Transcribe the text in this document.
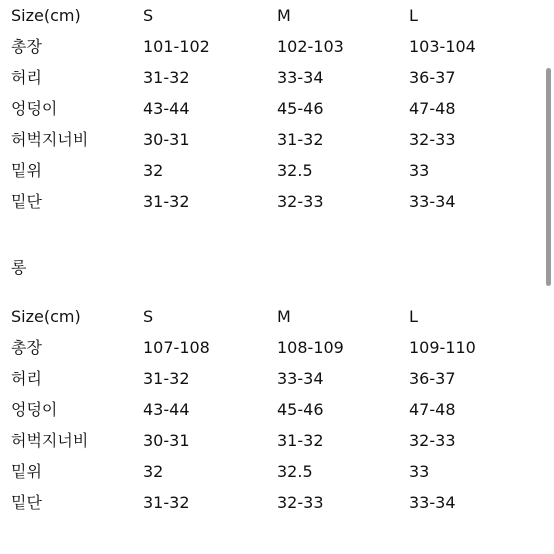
Size(cm)	S	M	L
총장	101-102	102-103	103-104
허리	31-32	33-34	36-37
엉덩이	43-44	45-46	47-48
허벅지너비	30-31	31-32	32-33
밑위	32	32.5	33
밑단	31-32	32-33	33-34
롱
Size(cm)	S	M	L
총장	107-108	108-109	109-110
허리	31-32	33-34	36-37
엉덩이	43-44	45-46	47-48
허벅지너비	30-31	31-32	32-33
밑위	32	32.5	33
밑단	31-32	32-33	33-34
